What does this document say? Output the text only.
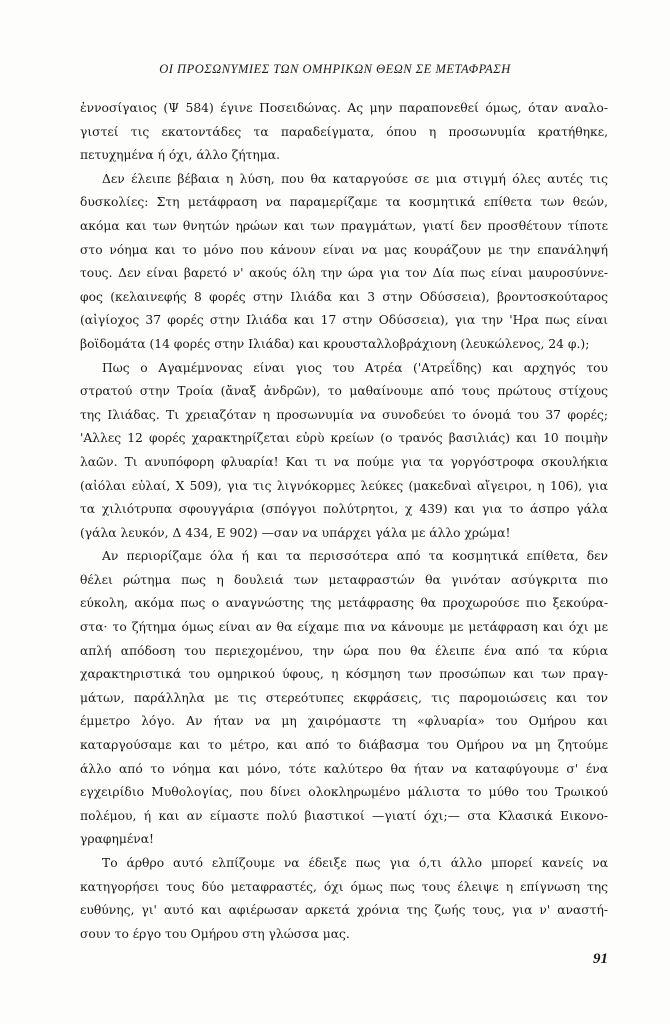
ΟΙ ΠΡΟΣΩΝΥΜΙΕΣ ΤΩΝ ΟΜΗΡΙΚΩΝ ΘΕΩΝ ΣΕ ΜΕΤΑΦΡΑΣΗ
ἐννοσίγαιος (Ψ 584) έγινε Ποσειδώνας. Ας μην παραπονεθεί όμως, όταν αναλο-
γιστεί τις εκατοντάδες τα παραδείγματα, όπου η προσωνυμία κρατήθηκε,
πετυχημένα ή όχι, άλλο ζήτημα.
Δεν έλειπε βέβαια η λύση, που θα καταργούσε σε μια στιγμή όλες αυτές τις
δυσκολίες: Στη μετάφραση να παραμερίζαμε τα κοσμητικά επίθετα των θεών,
ακόμα και των θνητών ηρώων και των πραγμάτων, γιατί δεν προσθέτουν τίποτε
στο νόημα και το μόνο που κάνουν είναι να μας κουράζουν με την επανάληψή
τους. Δεν είναι βαρετό ν' ακούς όλη την ώρα για τον Δία πως είναι μαυροσύννε-
φος (κελαινεφής 8 φορές στην Ιλιάδα και 3 στην Οδύσσεια), βροντοσκούταρος
(αἰγίοχος 37 φορές στην Ιλιάδα και 17 στην Οδύσσεια), για την 'Ηρα πως είναι
βοϊδομάτα (14 φορές στην Ιλιάδα) και κρουσταλλοβράχιονη (λευκώλενος, 24 φ.);
Πως ο Αγαμέμνονας είναι γιος του Ατρέα ('Ατρεΐδης) και αρχηγός του
στρατού στην Τροία (ἄναξ ἀνδρῶν), το μαθαίνουμε από τους πρώτους στίχους
της Ιλιάδας. Τι χρειαζόταν η προσωνυμία να συνοδεύει το όνομά του 37 φορές;
'Αλλες 12 φορές χαρακτηρίζεται εὐρὺ κρείων (ο τρανός βασιλιάς) και 10 ποιμὴν
λαῶν. Τι ανυπόφορη φλυαρία! Και τι να πούμε για τα γοργόστροφα σκουλήκια
(αἰόλαι εὐλαί, Χ 509), για τις λιγνόκορμες λεύκες (μακεδναὶ αἴγειροι, η 106), για
τα χιλιότρυπα σφουγγάρια (σπόγγοι πολύτρητοι, χ 439) και για το άσπρο γάλα
(γάλα λευκόν, Δ 434, Ε 902) —σαν να υπάρχει γάλα με άλλο χρώμα!
Αν περιορίζαμε όλα ή και τα περισσότερα από τα κοσμητικά επίθετα, δεν
θέλει ρώτημα πως η δουλειά των μεταφραστών θα γινόταν ασύγκριτα πιο
εύκολη, ακόμα πως ο αναγνώστης της μετάφρασης θα προχωρούσε πιο ξεκούρα-
στα· το ζήτημα όμως είναι αν θα είχαμε πια να κάνουμε με μετάφραση και όχι με
απλή απόδοση του περιεχομένου, την ώρα που θα έλειπε ένα από τα κύρια
χαρακτηριστικά του ομηρικού ύφους, η κόσμηση των προσώπων και των πραγ-
μάτων, παράλληλα με τις στερεότυπες εκφράσεις, τις παρομοιώσεις και τον
έμμετρο λόγο. Αν ήταν να μη χαιρόμαστε τη «φλυαρία» του Ομήρου και
καταργούσαμε και το μέτρο, και από το διάβασμα του Ομήρου να μη ζητούμε
άλλο από το νόημα και μόνο, τότε καλύτερο θα ήταν να καταφύγουμε σ' ένα
εγχειρίδιο Μυθολογίας, που δίνει ολοκληρωμένο μάλιστα το μύθο του Τρωικού
πολέμου, ή και αν είμαστε πολύ βιαστικοί —γιατί όχι;— στα Κλασικά Εικονο-
γραφημένα!
Το άρθρο αυτό ελπίζουμε να έδειξε πως για ό,τι άλλο μπορεί κανείς να
κατηγορήσει τους δύο μεταφραστές, όχι όμως πως τους έλειψε η επίγνωση της
ευθύνης, γι' αυτό και αφιέρωσαν αρκετά χρόνια της ζωής τους, για ν' αναστή-
σουν το έργο του Ομήρου στη γλώσσα μας.
91
